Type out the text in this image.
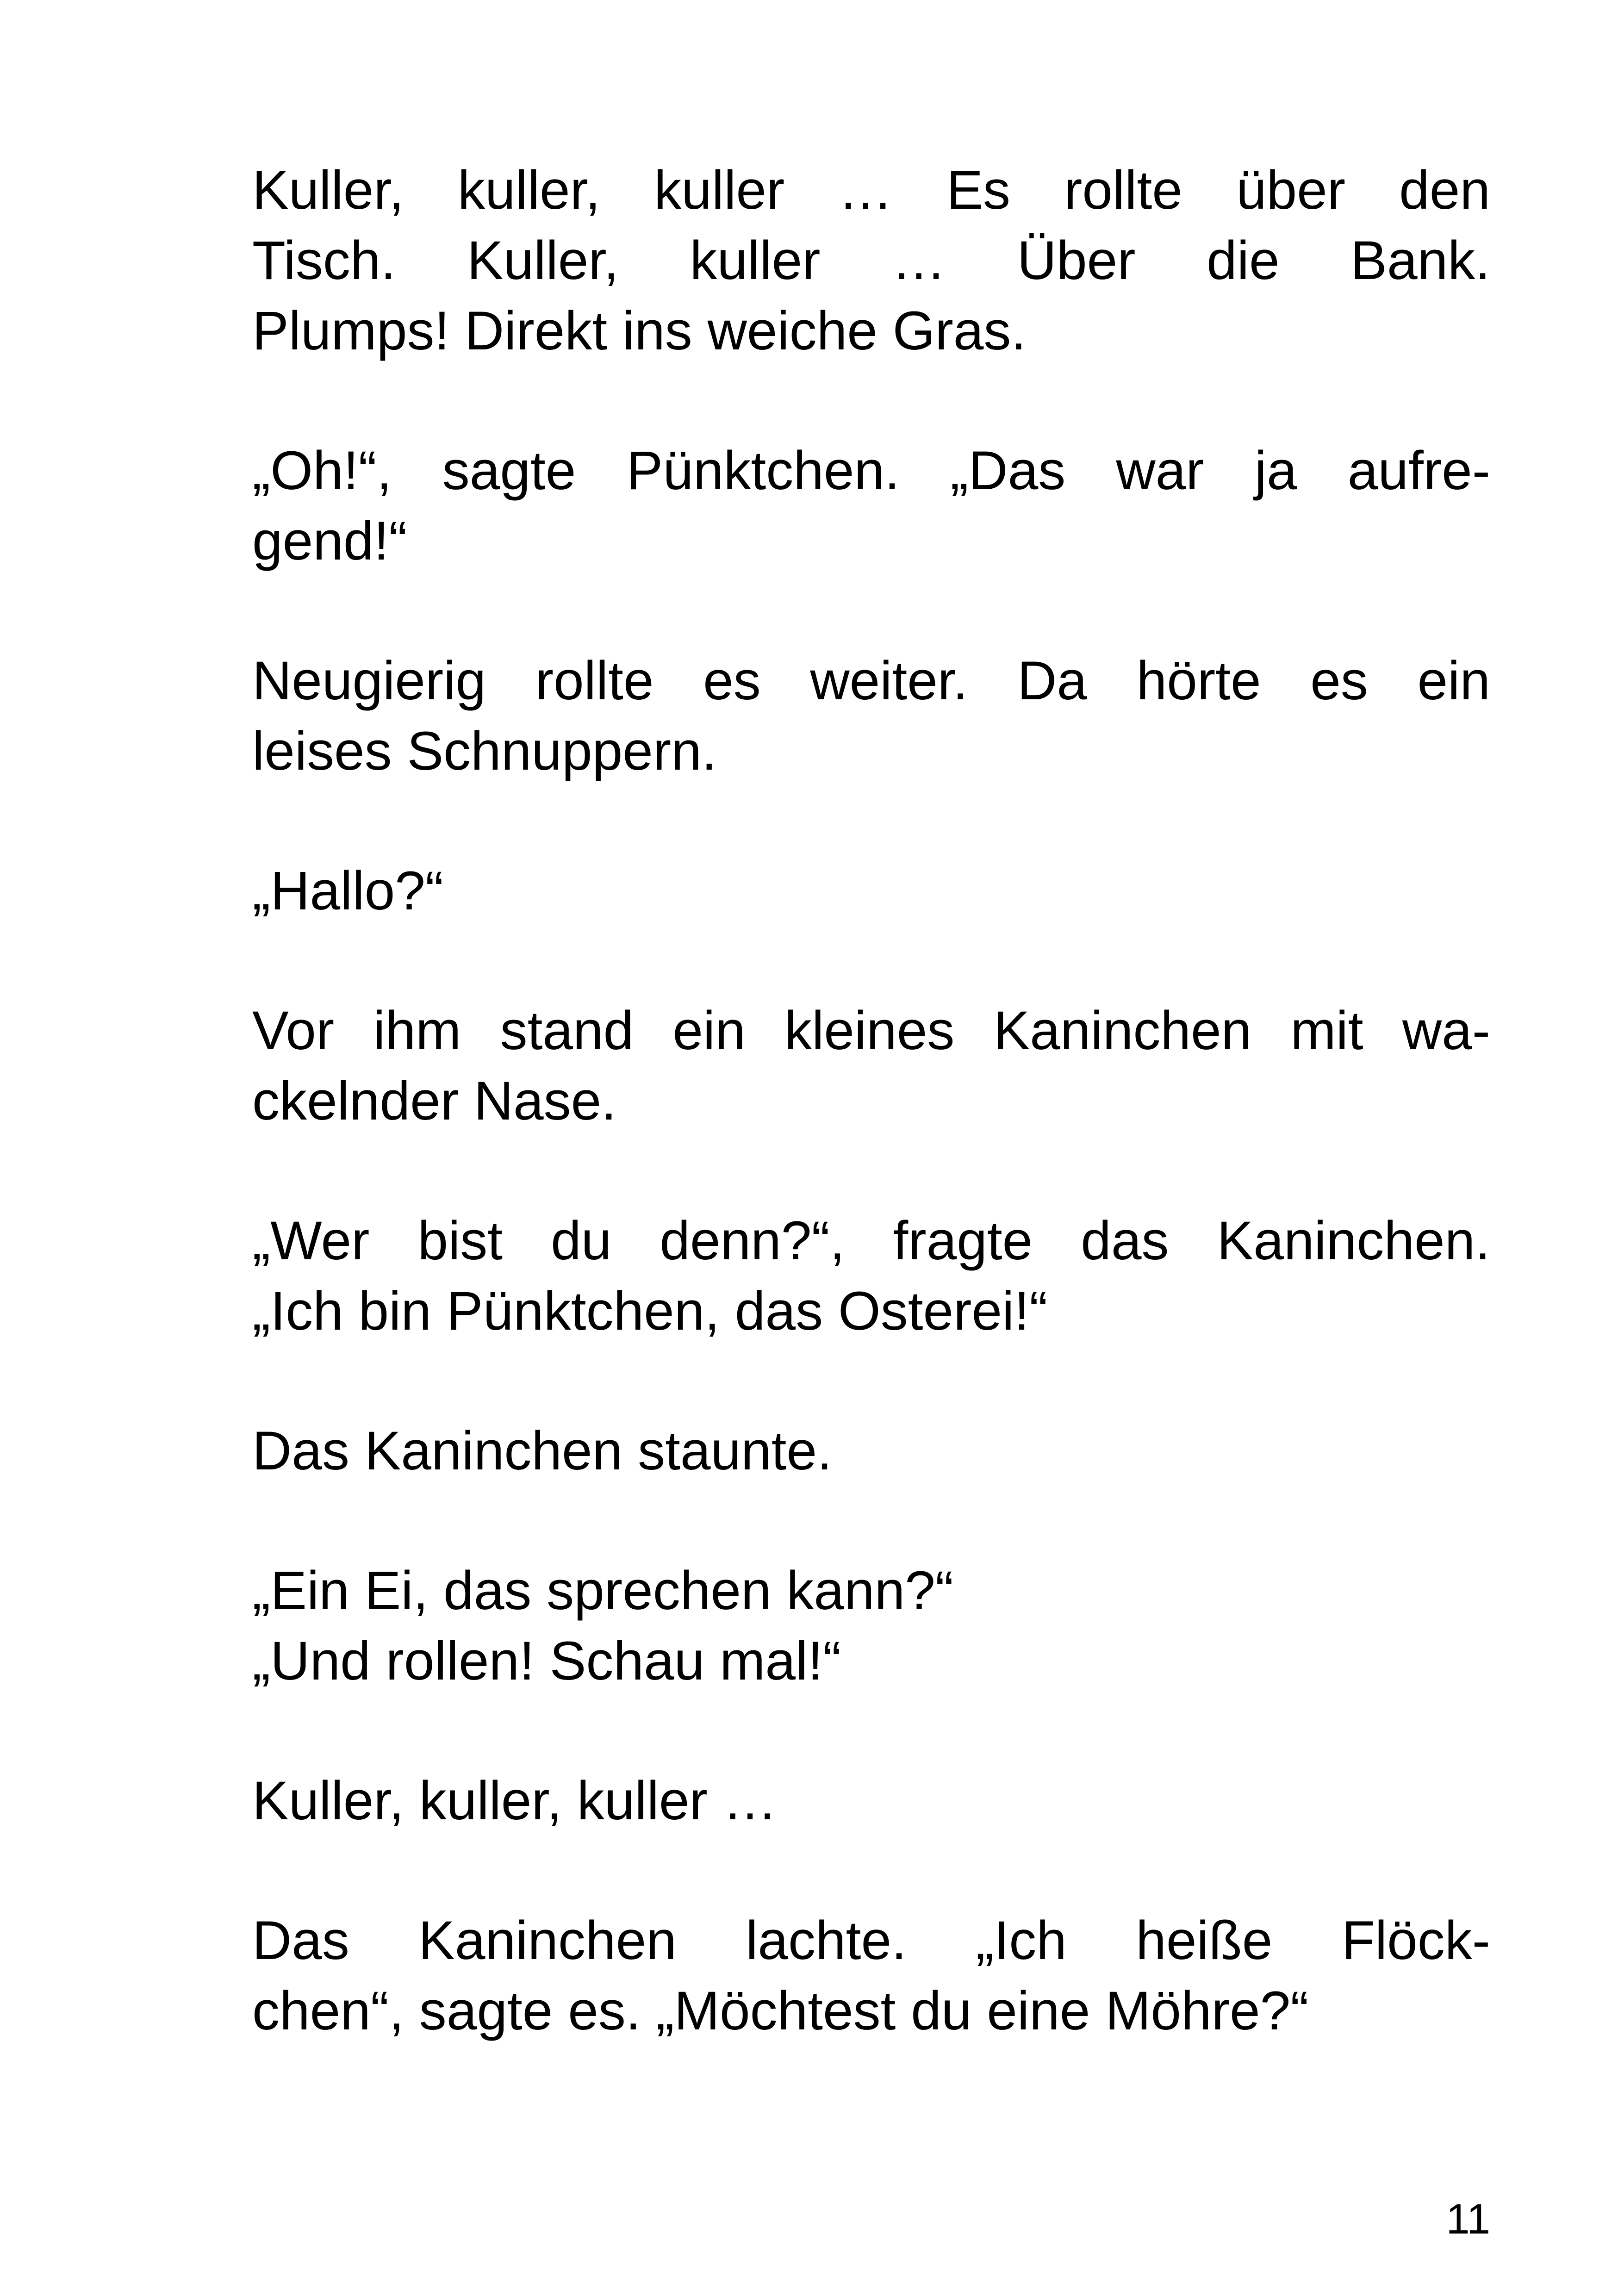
Kuller, kuller, kuller … Es rollte über den
Tisch. Kuller, kuller … Über die Bank.
Plumps! Direkt ins weiche Gras.

„Oh!“, sagte Pünktchen. „Das war ja aufre-
gend!“

Neugierig rollte es weiter. Da hörte es ein
leises Schnuppern.

„Hallo?“

Vor ihm stand ein kleines Kaninchen mit wa-
ckelnder Nase.

„Wer bist du denn?“, fragte das Kaninchen.
„Ich bin Pünktchen, das Osterei!“

Das Kaninchen staunte.

„Ein Ei, das sprechen kann?“
„Und rollen! Schau mal!“

Kuller, kuller, kuller …

Das Kaninchen lachte. „Ich heiße Flöck-
chen“, sagte es. „Möchtest du eine Möhre?“

11
